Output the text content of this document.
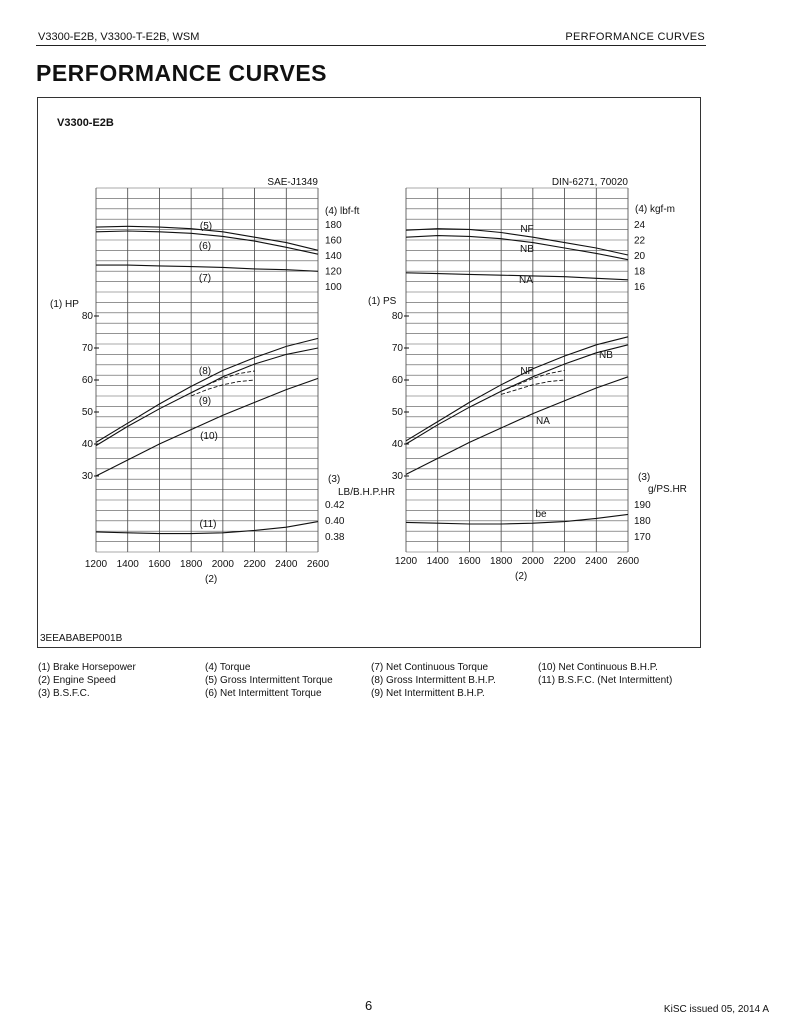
V3300-E2B, V3300-T-E2B, WSM	PERFORMANCE CURVES
PERFORMANCE CURVES
V3300-E2B
3EEABABEP001B
30
40
50
60
70
80
100
120
140
160
180
0.38
0.40
0.42
1200 1400 1600 1800 2000 2200 2400 2600
SAE-J1349
(4) lbf-ft
(1) HP
(3)
LB/B.H.P.HR
(2)
(5)
(6)
(7)
(8)
(9)
(10)
(11)
30
40
50
60
70
80
16
18
20
22
24
170
180
190
1200 1400 1600 1800 2000 2200 2400 2600
DIN-6271, 70020
(4) kgf-m
(1) PS
(3)
g/PS.HR
(2)
NF
NB
NA
NF
NB
NA
be
(1) Brake Horsepower
(2) Engine Speed
(3) B.S.F.C.
(4) Torque
(5) Gross Intermittent Torque
(6) Net Intermittent Torque
(7) Net Continuous Torque
(8) Gross Intermittent B.H.P.
(9) Net Intermittent B.H.P.
(10) Net Continuous B.H.P.
(11) B.S.F.C. (Net Intermittent)
6	KiSC issued 05, 2014 A
